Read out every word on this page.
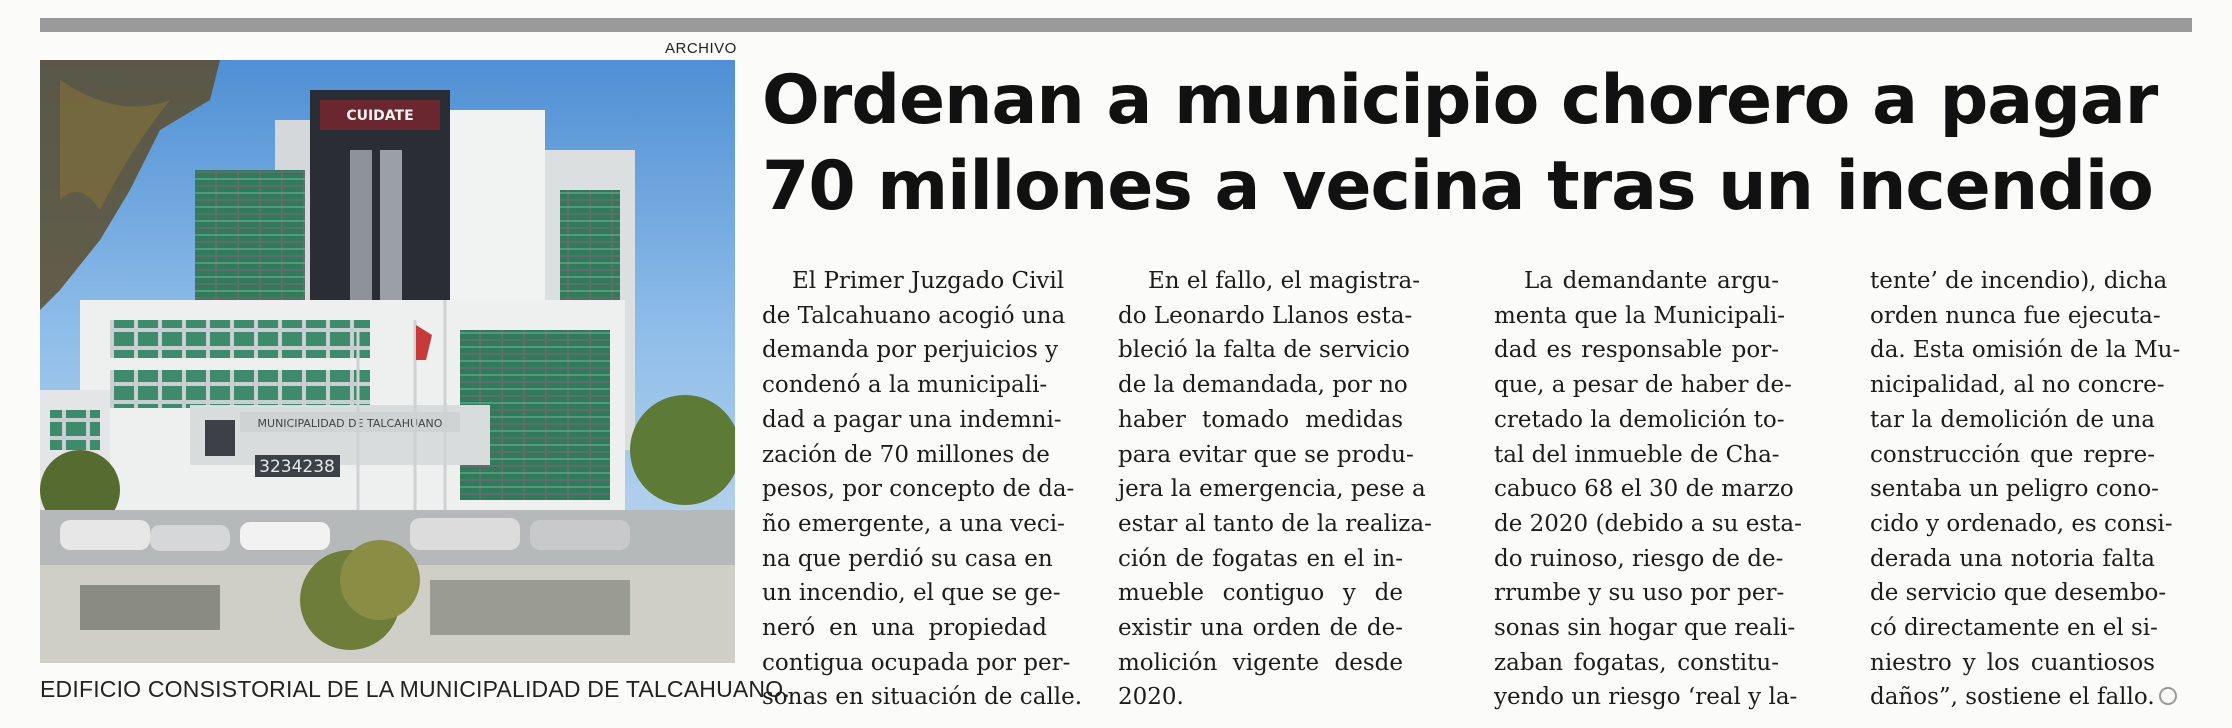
ARCHIVO
CUIDATE
MUNICIPALIDAD DE TALCAHUANO
3234238
EDIFICIO CONSISTORIAL DE LA MUNICIPALIDAD DE TALCAHUANO.
Ordenan a municipio chorero a pagar
70 millones a vecina tras un incendio
El Primer Juzgado Civil
de Talcahuano acogió una
demanda por perjuicios y
condenó a la municipali-
dad a pagar una indemni-
zación de 70 millones de
pesos, por concepto de da-
ño emergente, a una veci-
na que perdió su casa en
un incendio, el que se ge-
neró en una propiedad
contigua ocupada por per-
sonas en situación de calle.
En el fallo, el magistra-
do Leonardo Llanos esta-
bleció la falta de servicio
de la demandada, por no
haber tomado medidas
para evitar que se produ-
jera la emergencia, pese a
estar al tanto de la realiza-
ción de fogatas en el in-
mueble contiguo y de
existir una orden de de-
molición vigente desde
2020.
La demandante argu-
menta que la Municipali-
dad es responsable por-
que, a pesar de haber de-
cretado la demolición to-
tal del inmueble de Cha-
cabuco 68 el 30 de marzo
de 2020 (debido a su esta-
do ruinoso, riesgo de de-
rrumbe y su uso por per-
sonas sin hogar que reali-
zaban fogatas, constitu-
yendo un riesgo ‘real y la-
tente’ de incendio), dicha
orden nunca fue ejecuta-
da. Esta omisión de la Mu-
nicipalidad, al no concre-
tar la demolición de una
construcción que repre-
sentaba un peligro cono-
cido y ordenado, es consi-
derada una notoria falta
de servicio que desembo-
có directamente en el si-
niestro y los cuantiosos
daños”, sostiene el fallo.
